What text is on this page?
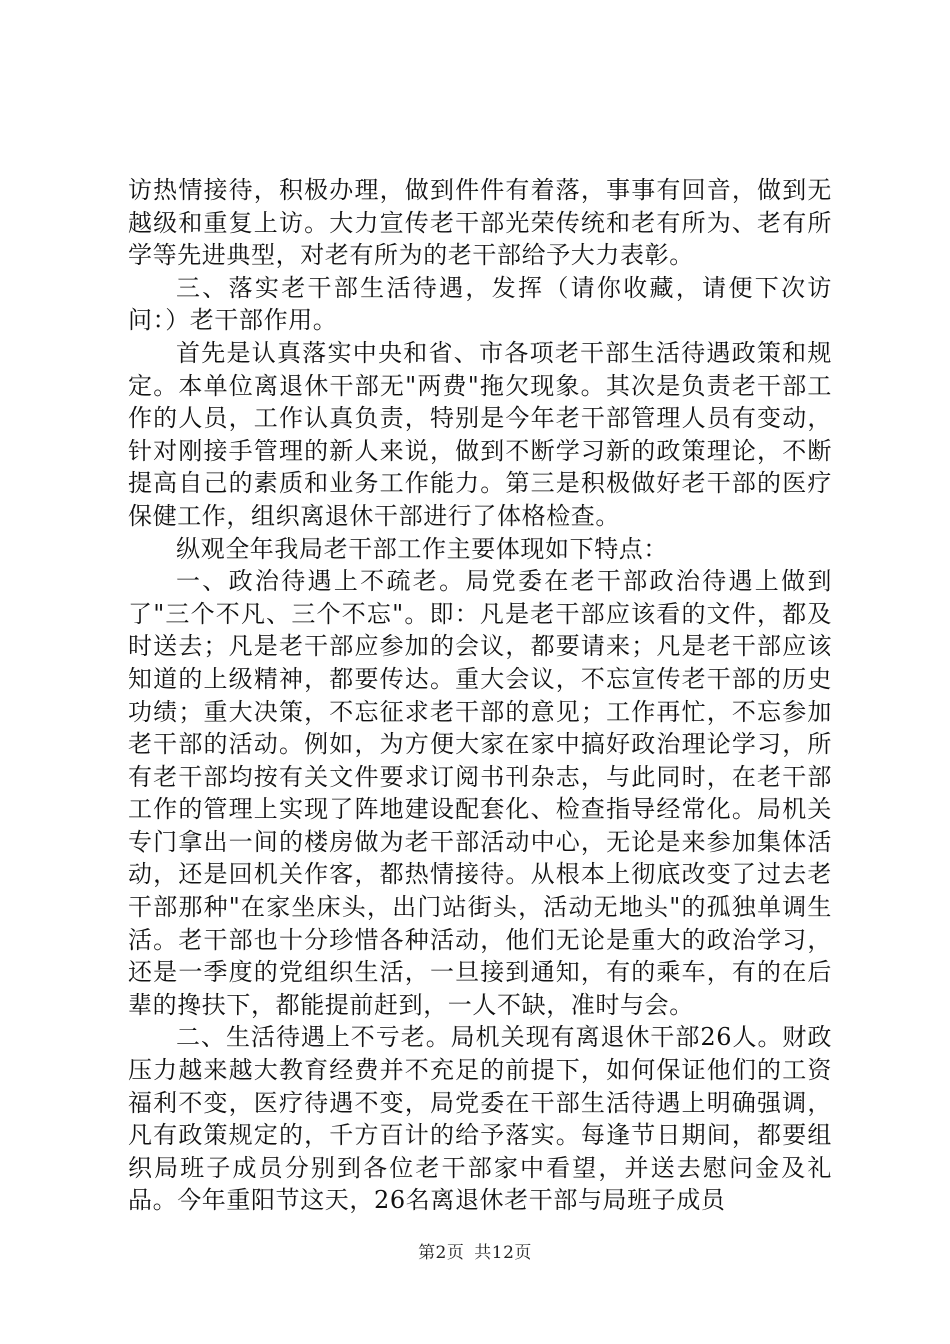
访热情接待，积极办理，做到件件有着落，事事有回音，做到无越级和重复上访。大力宣传老干部光荣传统和老有所为、老有所学等先进典型，对老有所为的老干部给予大力表彰。

三、落实老干部生活待遇，发挥（请你收藏，请便下次访问：）老干部作用。

首先是认真落实中央和省、市各项老干部生活待遇政策和规定。本单位离退休干部无"两费"拖欠现象。其次是负责老干部工作的人员，工作认真负责，特别是今年老干部管理人员有变动，针对刚接手管理的新人来说，做到不断学习新的政策理论，不断提高自己的素质和业务工作能力。第三是积极做好老干部的医疗保健工作，组织离退休干部进行了体格检查。

纵观全年我局老干部工作主要体现如下特点：

一、政治待遇上不疏老。局党委在老干部政治待遇上做到了"三个不凡、三个不忘"。即：凡是老干部应该看的文件，都及时送去；凡是老干部应参加的会议，都要请来；凡是老干部应该知道的上级精神，都要传达。重大会议，不忘宣传老干部的历史功绩；重大决策，不忘征求老干部的意见；工作再忙，不忘参加老干部的活动。例如，为方便大家在家中搞好政治理论学习，所有老干部均按有关文件要求订阅书刊杂志，与此同时，在老干部工作的管理上实现了阵地建设配套化、检查指导经常化。局机关专门拿出一间的楼房做为老干部活动中心，无论是来参加集体活动，还是回机关作客，都热情接待。从根本上彻底改变了过去老干部那种"在家坐床头，出门站街头，活动无地头"的孤独单调生活。老干部也十分珍惜各种活动，他们无论是重大的政治学习，还是一季度的党组织生活，一旦接到通知，有的乘车，有的在后辈的搀扶下，都能提前赶到，一人不缺，准时与会。

二、生活待遇上不亏老。局机关现有离退休干部26人。财政压力越来越大教育经费并不充足的前提下，如何保证他们的工资福利不变，医疗待遇不变，局党委在干部生活待遇上明确强调，凡有政策规定的，千方百计的给予落实。每逢节日期间，都要组织局班子成员分别到各位老干部家中看望，并送去慰问金及礼品。今年重阳节这天，26名离退休老干部与局班子成员

第2页 共12页
